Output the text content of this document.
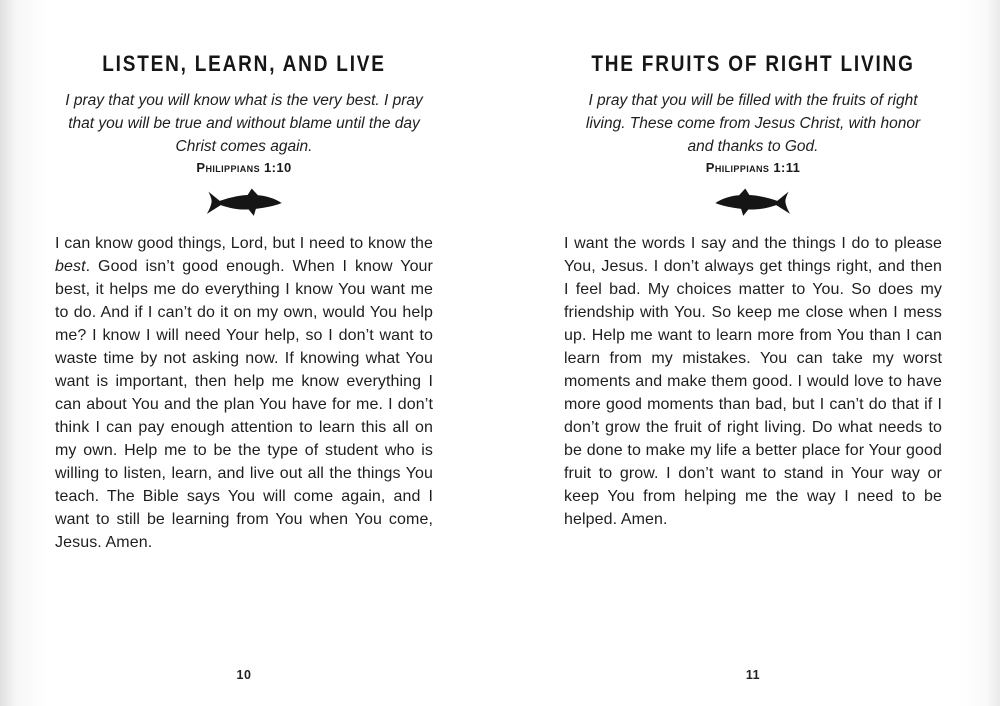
LISTEN, LEARN, AND LIVE

I pray that you will know what is the very best. I pray that you will be true and without blame until the day Christ comes again.

Philippians 1:10

I can know good things, Lord, but I need to know the best. Good isn’t good enough. When I know Your best, it helps me do everything I know You want me to do. And if I can’t do it on my own, would You help me? I know I will need Your help, so I don’t want to waste time by not asking now. If knowing what You want is important, then help me know everything I can about You and the plan You have for me. I don’t think I can pay enough attention to learn this all on my own. Help me to be the type of student who is willing to listen, learn, and live out all the things You teach. The Bible says You will come again, and I want to still be learning from You when You come, Jesus. Amen.

10
THE FRUITS OF RIGHT LIVING

I pray that you will be filled with the fruits of right living. These come from Jesus Christ, with honor and thanks to God.

Philippians 1:11

I want the words I say and the things I do to please You, Jesus. I don’t always get things right, and then I feel bad. My choices matter to You. So does my friendship with You. So keep me close when I mess up. Help me want to learn more from You than I can learn from my mistakes. You can take my worst moments and make them good. I would love to have more good moments than bad, but I can’t do that if I don’t grow the fruit of right living. Do what needs to be done to make my life a better place for Your good fruit to grow. I don’t want to stand in Your way or keep You from helping me the way I need to be helped. Amen.

11
